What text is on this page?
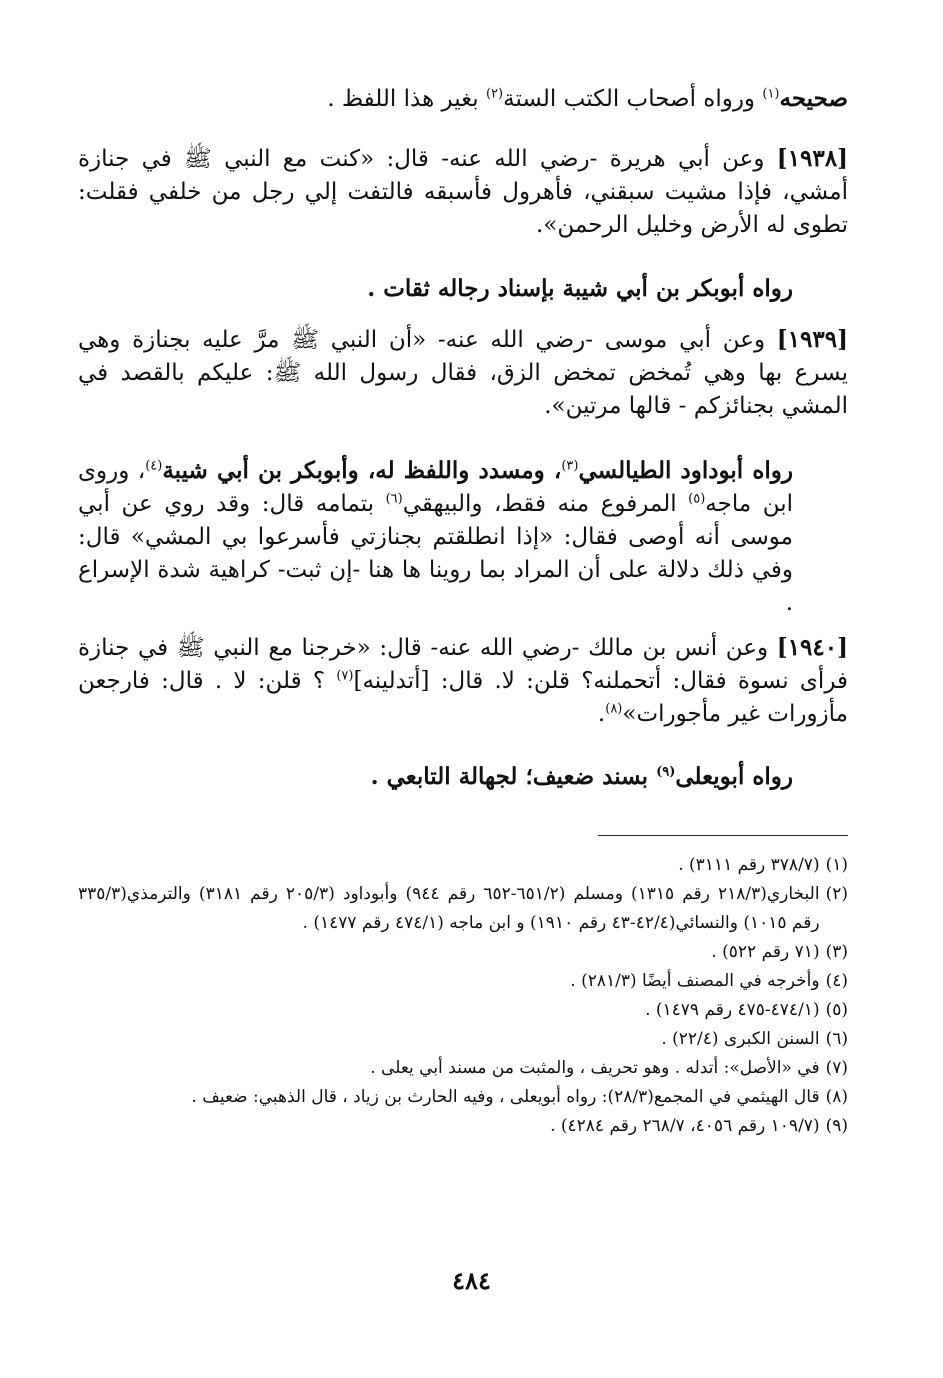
صحيحه$^{(١)}$ ورواه أصحاب الكتب الستة$^{(٢)}$ بغير هذا اللفظ .
[١٩٣٨] وعن أبي هريرة -رضي الله عنه- قال: «كنت مع النبي ﷺ في جنازة أمشي، فإذا مشيت سبقني، فأهرول فأسبقه فالتفت إلي رجل من خلفي فقلت: تطوى له الأرض وخليل الرحمن».
رواه أبوبكر بن أبي شيبة بإسناد رجاله ثقات .
[١٩٣٩] وعن أبي موسى -رضي الله عنه- «أن النبي ﷺ مرَّ عليه بجنازة وهي يسرع بها وهي تُمخض تمخض الزق، فقال رسول الله ﷺ: عليكم بالقصد في المشي بجنائزكم - قالها مرتين».
رواه أبوداود الطيالسي$^{(٣)}$، ومسدد واللفظ له، وأبوبكر بن أبي شيبة$^{(٤)}$، وروى ابن ماجه$^{(٥)}$ المرفوع منه فقط، والبيهقي$^{(٦)}$ بتمامه قال: وقد روي عن أبي موسى أنه أوصى فقال: «إذا انطلقتم بجنازتي فأسرعوا بي المشي» قال: وفي ذلك دلالة على أن المراد بما روينا ها هنا -إن ثبت- كراهية شدة الإسراع .
[١٩٤٠] وعن أنس بن مالك -رضي الله عنه- قال: «خرجنا مع النبي ﷺ في جنازة فرأى نسوة فقال: أتحملنه؟ قلن: لا. قال: [أتدلينه]$^{(٧)}$ ؟ قلن: لا . قال: فارجعن مأزورات غير مأجورات»$^{(٨)}$.
رواه أبويعلى$^{(٩)}$ بسند ضعيف؛ لجهالة التابعي .
(١)
(٣٧٨/٧ رقم ٣١١١) .
(٢)
البخاري(٢١٨/٣ رقم ١٣١٥) ومسلم (٦٥١/٢-٦٥٢ رقم ٩٤٤) وأبوداود (٢٠٥/٣ رقم ٣١٨١) والترمذي(٣٣٥/٣ رقم ١٠١٥) والنسائي(٤٢/٤-٤٣ رقم ١٩١٠) و ابن ماجه (٤٧٤/١ رقم ١٤٧٧) .
(٣)
(٧١ رقم ٥٢٢) .
(٤)
وأخرجه في المصنف أيضًا (٢٨١/٣) .
(٥)
(٤٧٤/١-٤٧٥ رقم ١٤٧٩) .
(٦)
السنن الكبرى (٢٢/٤) .
(٧)
في «الأصل»: أتدله . وهو تحريف ، والمثبت من مسند أبي يعلى .
(٨)
قال الهيثمي في المجمع(٢٨/٣): رواه أبويعلى ، وفيه الحارث بن زياد ، قال الذهبي: ضعيف .
(٩)
(١٠٩/٧ رقم ٤٠٥٦، ٢٦٨/٧ رقم ٤٢٨٤) .
٤٨٤
